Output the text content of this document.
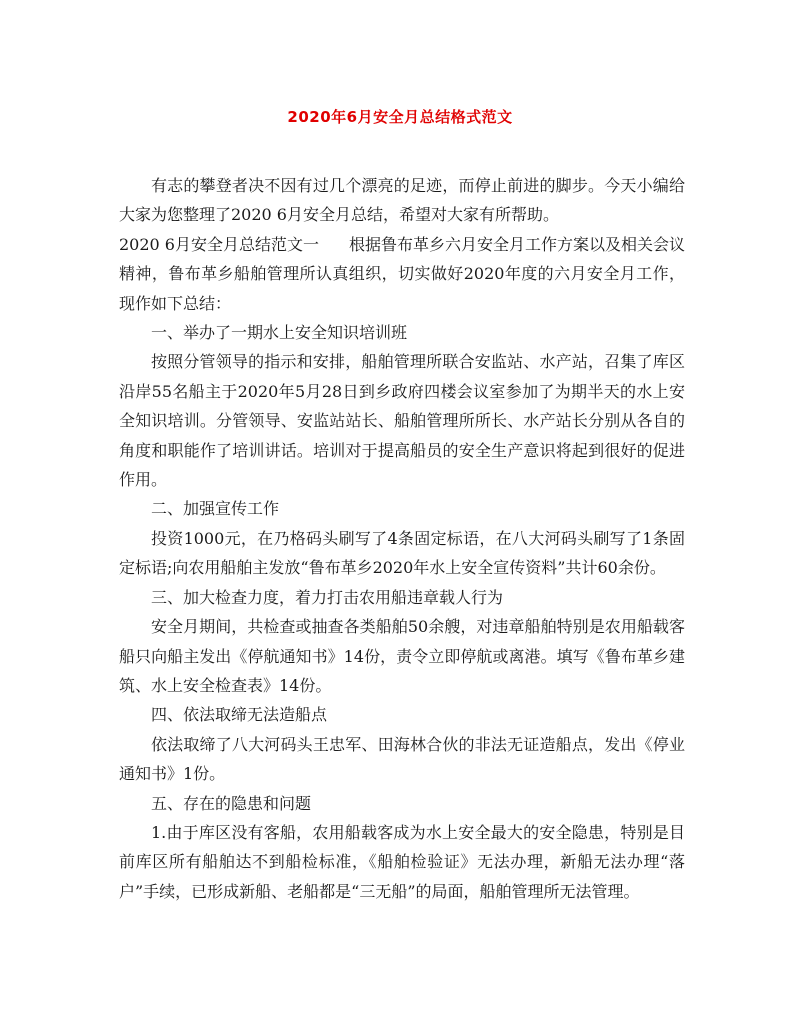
2020年6月安全月总结格式范文

有志的攀登者决不因有过几个漂亮的足迹，而停止前进的脚步。今天小编给大家为您整理了2020 6月安全月总结，希望对大家有所帮助。

2020 6月安全月总结范文一 根据鲁布革乡六月安全月工作方案以及相关会议精神，鲁布革乡船舶管理所认真组织，切实做好2020年度的六月安全月工作，现作如下总结：

一、举办了一期水上安全知识培训班

按照分管领导的指示和安排，船舶管理所联合安监站、水产站，召集了库区沿岸55名船主于2020年5月28日到乡政府四楼会议室参加了为期半天的水上安全知识培训。分管领导、安监站站长、船舶管理所所长、水产站长分别从各自的角度和职能作了培训讲话。培训对于提高船员的安全生产意识将起到很好的促进作用。

二、加强宣传工作

投资1000元，在乃格码头刷写了4条固定标语，在八大河码头刷写了1条固定标语;向农用船舶主发放“鲁布革乡2020年水上安全宣传资料”共计60余份。

三、加大检查力度，着力打击农用船违章载人行为

安全月期间，共检查或抽查各类船舶50余艘，对违章船舶特别是农用船载客船只向船主发出《停航通知书》14份，责令立即停航或离港。填写《鲁布革乡建筑、水上安全检查表》14份。

四、依法取缔无法造船点

依法取缔了八大河码头王忠军、田海林合伙的非法无证造船点，发出《停业通知书》1份。

五、存在的隐患和问题

1.由于库区没有客船，农用船载客成为水上安全最大的安全隐患，特别是目前库区所有船舶达不到船检标准，《船舶检验证》无法办理，新船无法办理“落户”手续，已形成新船、老船都是“三无船”的局面，船舶管理所无法管理。
